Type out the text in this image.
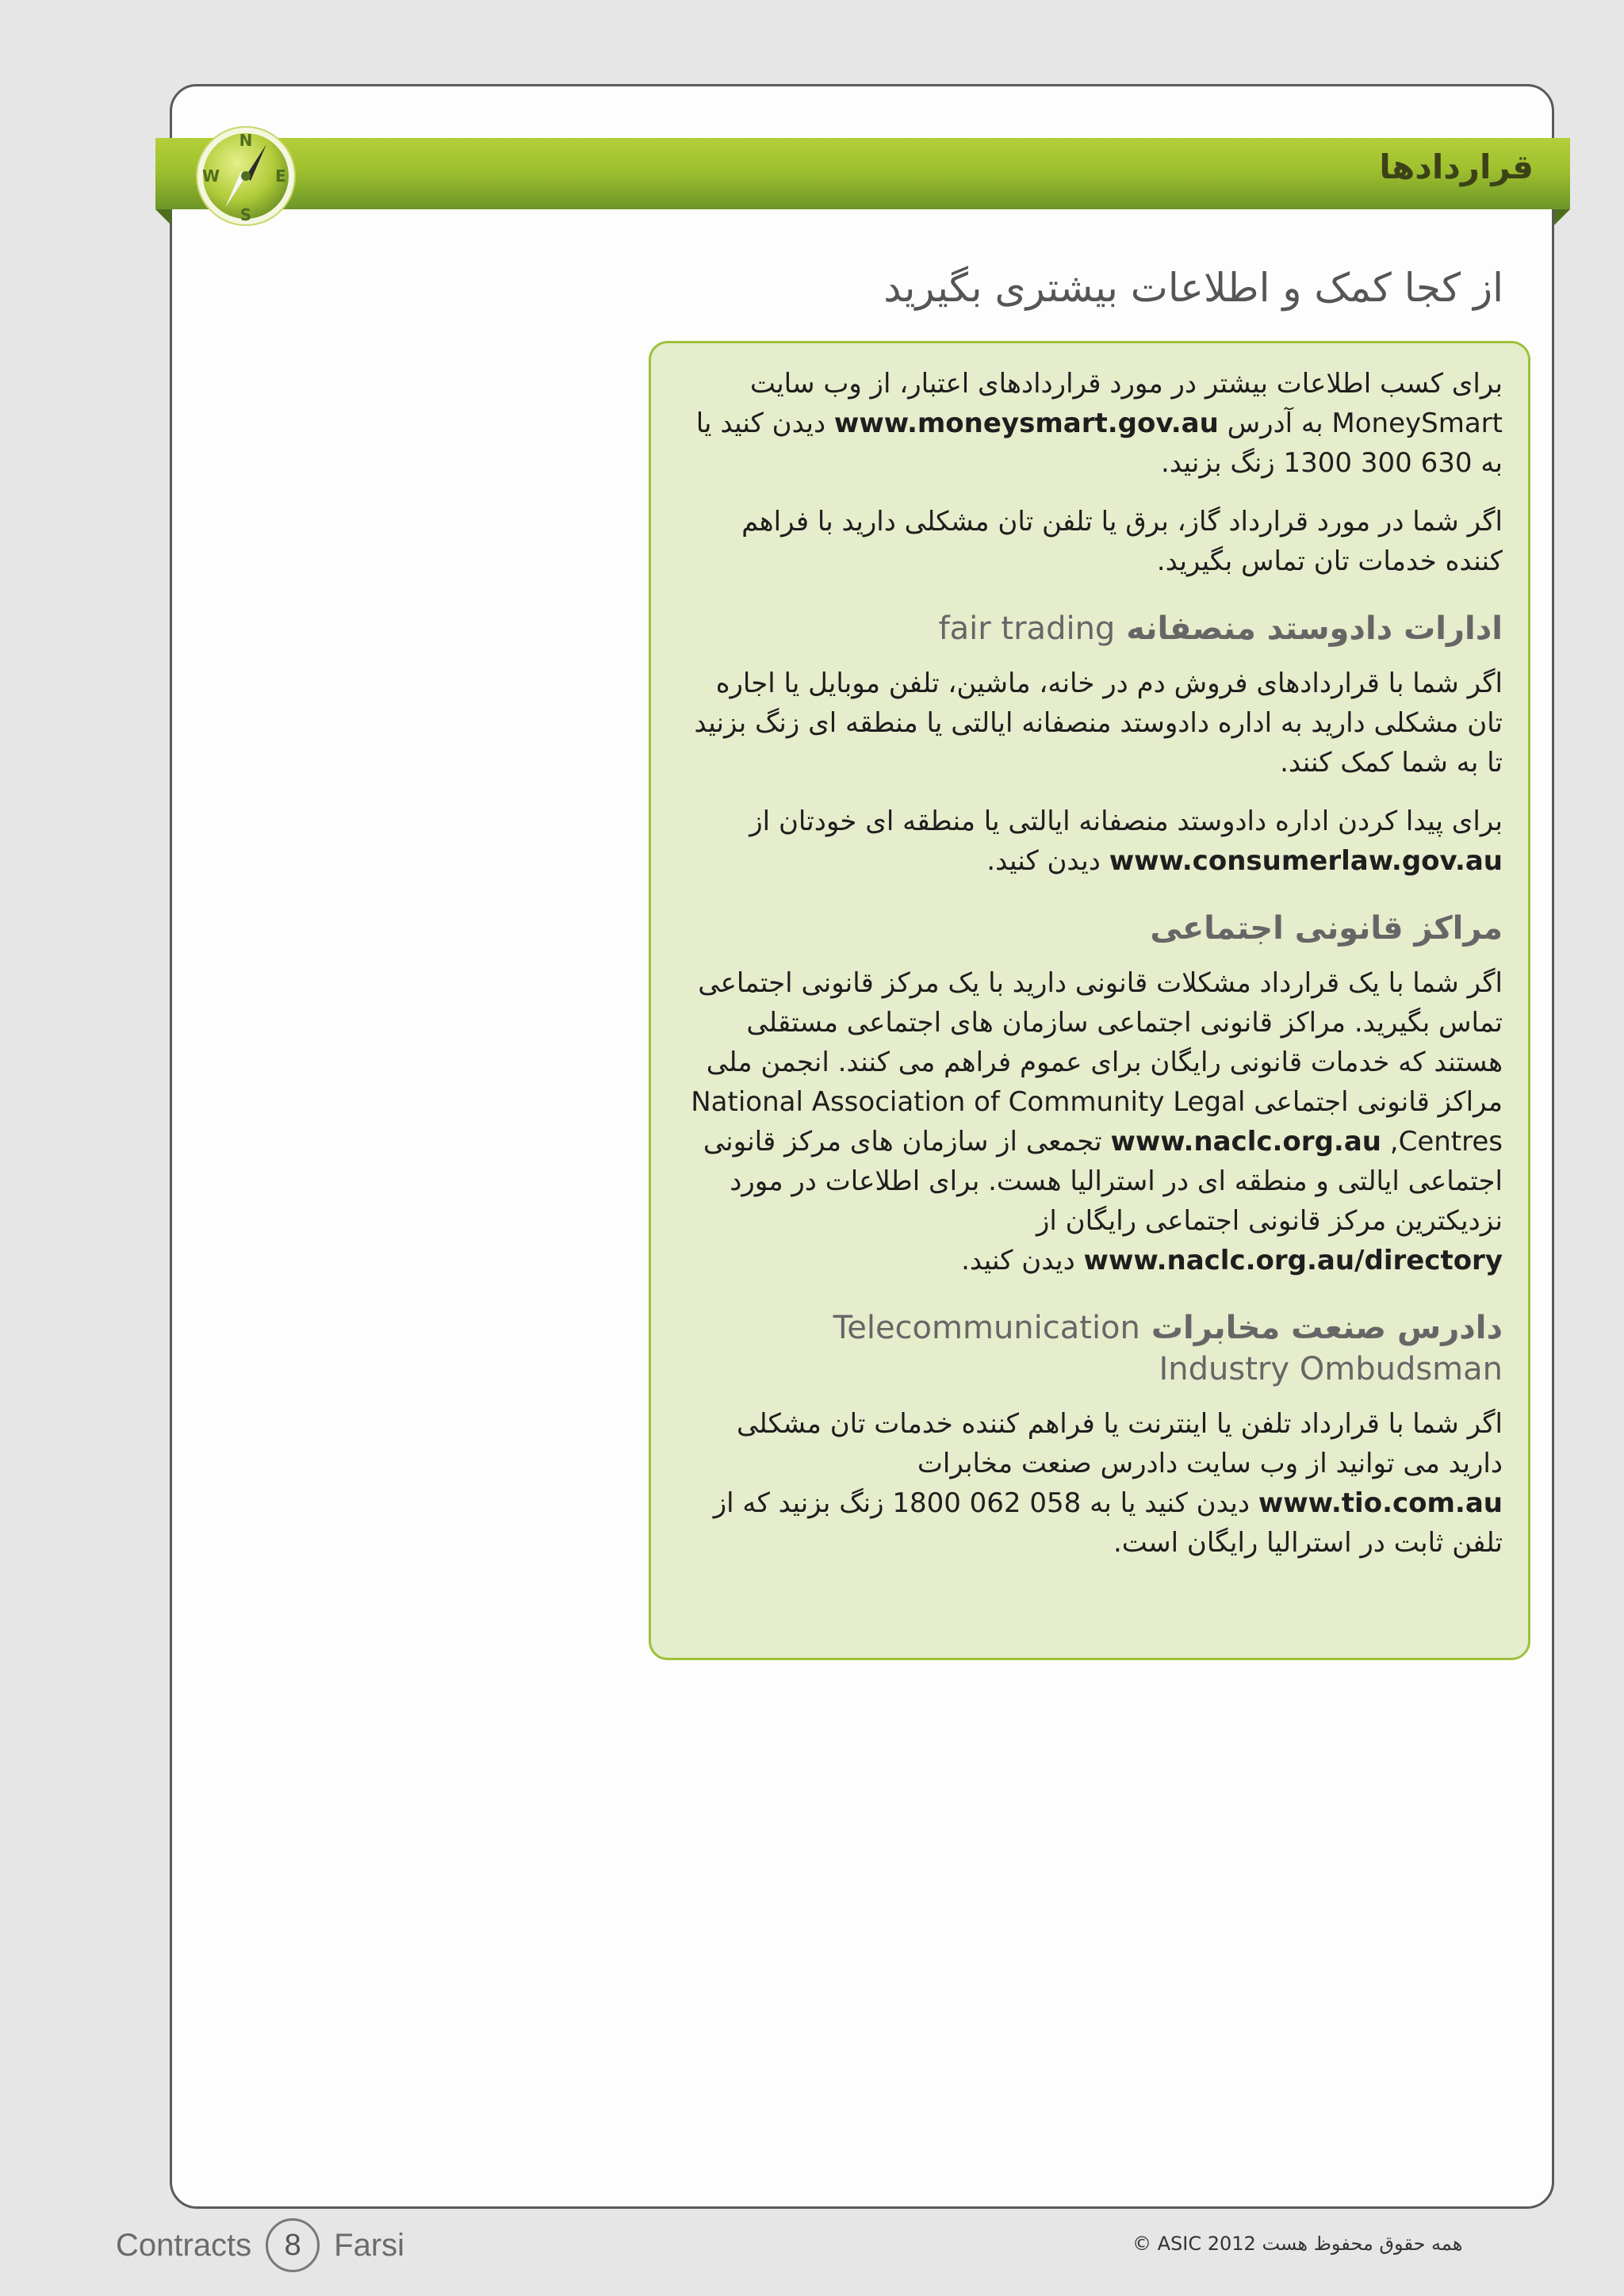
قراردادها
N
E
S
W
از کجا کمک و اطلاعات بیشتری بگیرید

برای کسب اطلاعات بیشتر در مورد قراردادهای اعتبار، از وب سایت MoneySmart به آدرس www.moneysmart.gov.au دیدن کنید یا به 630 300 1300 زنگ بزنید.

اگر شما در مورد قرارداد گاز، برق یا تلفن تان مشکلی دارید با فراهم کننده خدمات تان تماس بگیرید.

ادارات دادوستد منصفانه fair trading

اگر شما با قراردادهای فروش دم در خانه، ماشین، تلفن موبایل یا اجاره تان مشکلی دارید به اداره دادوستد منصفانه ایالتی یا منطقه ای زنگ بزنید تا به شما کمک کنند.

برای پیدا کردن اداره دادوستد منصفانه ایالتی یا منطقه ای خودتان از www.consumerlaw.gov.au دیدن کنید.

مراکز قانونی اجتماعی

اگر شما با یک قرارداد مشکلات قانونی دارید با یک مرکز قانونی اجتماعی تماس بگیرید. مراکز قانونی اجتماعی سازمان های اجتماعی مستقلی هستند که خدمات قانونی رایگان برای عموم فراهم می کنند. انجمن ملی مراکز قانونی اجتماعی National Association of Community Legal Centres, www.naclc.org.au تجمعی از سازمان های مرکز قانونی اجتماعی ایالتی و منطقه ای در استرالیا هست. برای اطلاعات در مورد نزدیکترین مرکز قانونی اجتماعی رایگان از www.naclc.org.au/directory دیدن کنید.

دادرس صنعت مخابرات Telecommunication
Industry Ombudsman

اگر شما با قرارداد تلفن یا اینترنت یا فراهم کننده خدمات تان مشکلی دارید می توانید از وب سایت دادرس صنعت مخابرات www.tio.com.au دیدن کنید یا به 058 062 1800 زنگ بزنید که از تلفن ثابت در استرالیا رایگان است.

Contracts	8	Farsi	© ASIC 2012 همه حقوق محفوظ هست
